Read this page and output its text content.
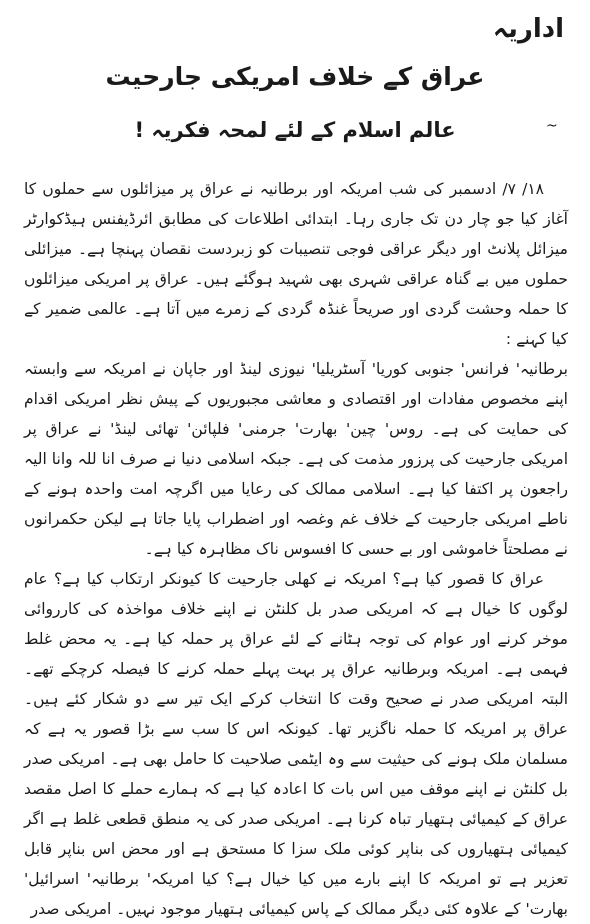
اداریہ
عراق کے خلاف امریکی جارحیت
عالم اسلام کے لئے لمحہ فکریہ !	~

۱۸/ ۷/ ادسمبر کی شب امریکہ اور برطانیہ نے عراق پر میزائلوں سے حملوں کا آغاز کیا جو چار دن تک جاری رہا۔ ابتدائی اطلاعات کی مطابق ائرڈیفنس ہیڈکوارٹر میزائل پلانٹ اور دیگر عراقی فوجی تنصیبات کو زبردست نقصان پہنچا ہے۔ میزائلی حملوں میں بے گناہ عراقی شہری بھی شہید ہوگئے ہیں۔ عراق پر امریکی میزائلوں کا حملہ وحشت گردی اور صریحاً غنڈہ گردی کے زمرے میں آتا ہے۔ عالمی ضمیر کے کیا کہنے :

برطانیہ' فرانس' جنوبی کوریا' آسٹریلیا' نیوزی لینڈ اور جاپان نے امریکہ سے وابستہ اپنے مخصوص مفادات اور اقتصادی و معاشی مجبوریوں کے پیش نظر امریکی اقدام کی حمایت کی ہے۔ روس' چین' بھارت' جرمنی' فلپائن' تھائی لینڈ' نے عراق پر امریکی جارحیت کی پرزور مذمت کی ہے۔ جبکہ اسلامی دنیا نے صرف انا للہ وانا الیہ راجعون پر اکتفا کیا ہے۔ اسلامی ممالک کی رعایا میں اگرچہ امت واحدہ ہونے کے ناطے امریکی جارحیت کے خلاف غم وغصہ اور اضطراب پایا جاتا ہے لیکن حکمرانوں نے مصلحتاً خاموشی اور بے حسی کا افسوس ناک مظاہرہ کیا ہے۔

عراق کا قصور کیا ہے؟ امریکہ نے کھلی جارحیت کا کیونکر ارتکاب کیا ہے؟ عام لوگوں کا خیال ہے کہ امریکی صدر بل کلنٹن نے اپنے خلاف مواخذہ کی کارروائی موخر کرنے اور عوام کی توجہ ہٹانے کے لئے عراق پر حملہ کیا ہے۔ یہ محض غلط فہمی ہے۔ امریکہ وبرطانیہ عراق پر بہت پہلے حملہ کرنے کا فیصلہ کرچکے تھے۔ البتہ امریکی صدر نے صحیح وقت کا انتخاب کرکے ایک تیر سے دو شکار کئے ہیں۔ عراق پر امریکہ کا حملہ ناگزیر تھا۔ کیونکہ اس کا سب سے بڑا قصور یہ ہے کہ مسلمان ملک ہونے کی حیثیت سے وہ ایٹمی صلاحیت کا حامل بھی ہے۔ امریکی صدر بل کلنٹن نے اپنے موقف میں اس بات کا اعادہ کیا ہے کہ ہمارے حملے کا اصل مقصد عراق کے کیمیائی ہتھیار تباہ کرنا ہے۔ امریکی صدر کی یہ منطق قطعی غلط ہے اگر کیمیائی ہتھیاروں کی بناپر کوئی ملک سزا کا مستحق ہے اور محض اس بناپر قابل تعزیر ہے تو امریکہ کا اپنے بارے میں کیا خیال ہے؟ کیا امریکہ' برطانیہ' اسرائیل' بھارت' کے علاوہ کئی دیگر ممالک کے پاس کیمیائی ہتھیار موجود نہیں۔ امریکی صدر
